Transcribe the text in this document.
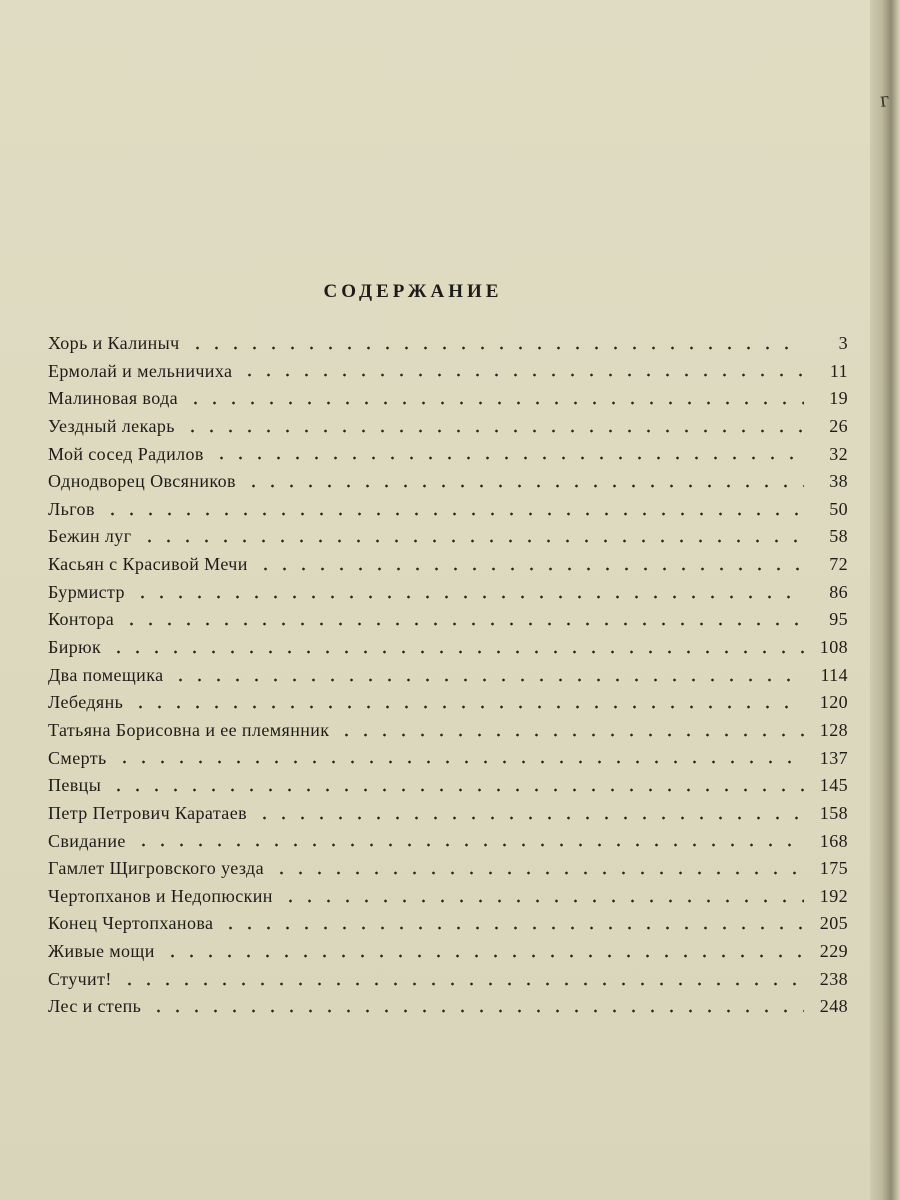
СОДЕРЖАНИЕ
Хорь и Калиныч	3
Ермолай и мельничиха	11
Малиновая вода	19
Уездный лекарь	26
Мой сосед Радилов	32
Однодворец Овсяников	38
Льгов	50
Бежин луг	58
Касьян с Красивой Мечи	72
Бурмистр	86
Контора	95
Бирюк	108
Два помещика	114
Лебедянь	120
Татьяна Борисовна и ее племянник	128
Смерть	137
Певцы	145
Петр Петрович Каратаев	158
Свидание	168
Гамлет Щигровского уезда	175
Чертопханов и Недопюскин	192
Конец Чертопханова	205
Живые мощи	229
Стучит!	238
Лес и степь	248
г
